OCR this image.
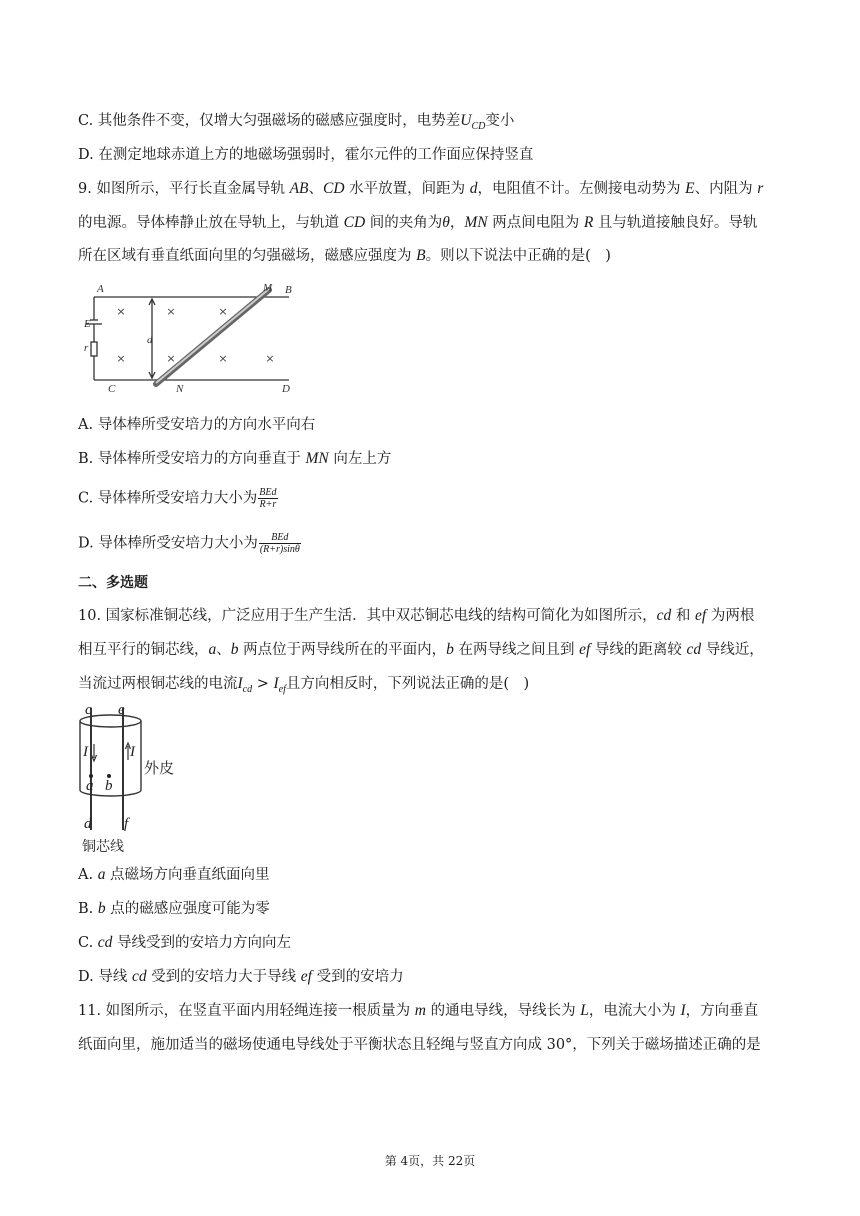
C. 其他条件不变，仅增大匀强磁场的磁感应强度时，电势差$U_{CD}$变小
D. 在测定地球赤道上方的地磁场强弱时，霍尔元件的工作面应保持竖直
9. 如图所示，平行长直金属导轨 AB、CD 水平放置，间距为 d，电阻值不计。左侧接电动势为 E、内阻为 r
的电源。导体棒静止放在导轨上，与轨道 CD 间的夹角为θ，MN 两点间电阻为 R 且与轨道接触良好。导轨
所在区域有垂直纸面向里的匀强磁场，磁感应强度为 B。则以下说法中正确的是(　)
A	M B
E
r
d
C	N	D
×	×	×
×	×	×	×
A. 导体棒所受安培力的方向水平向右
B. 导体棒所受安培力的方向垂直于 MN 向左上方
C. 导体棒所受安培力大小为 $\frac{\text{BEd}}{R+r}$
D. 导体棒所受安培力大小为 $\frac{\text{BEd}}{(R+r)\sin\theta}$
二、多选题
10. 国家标准铜芯线，广泛应用于生产生活．其中双芯铜芯电线的结构可简化为如图所示，cd 和 ef 为两根
相互平行的铜芯线，a、b 两点位于两导线所在的平面内，b 在两导线之间且到 ef 导线的距离较 cd 导线近，
当流过两根铜芯线的电流$I_{cd} > I_{ef}$且方向相反时，下列说法正确的是(　)
c e
I	I
a b
d f
外皮
铜芯线
A. a 点磁场方向垂直纸面向里
B. b 点的磁感应强度可能为零
C. cd 导线受到的安培力方向向左
D. 导线 cd 受到的安培力大于导线 ef 受到的安培力
11. 如图所示，在竖直平面内用轻绳连接一根质量为 m 的通电导线，导线长为 L，电流大小为 I，方向垂直
纸面向里，施加适当的磁场使通电导线处于平衡状态且轻绳与竖直方向成 30°，下列关于磁场描述正确的是
第 4页，共 22页
